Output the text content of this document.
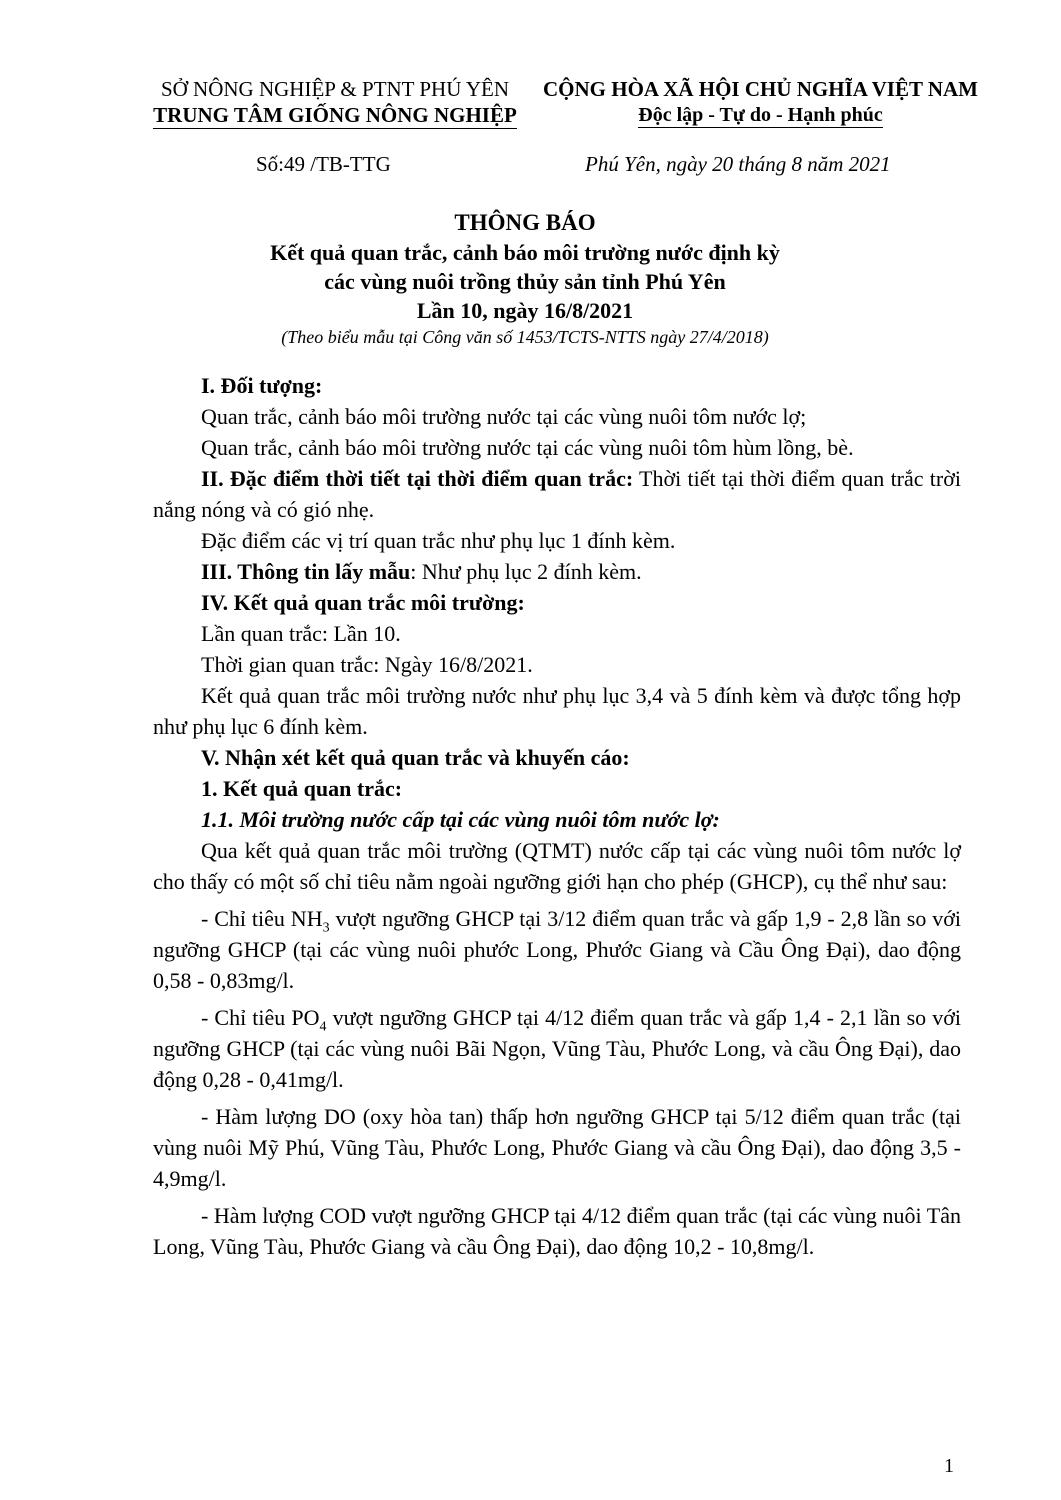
SỞ NÔNG NGHIỆP & PTNT PHÚ YÊN
TRUNG TÂM GIỐNG NÔNG NGHIỆP
CỘNG HÒA XÃ HỘI CHỦ NGHĨA VIỆT NAM
Độc lập - Tự do - Hạnh phúc
Số:49 /TB-TTG	Phú Yên, ngày 20 tháng 8 năm 2021
THÔNG BÁO
Kết quả quan trắc, cảnh báo môi trường nước định kỳ
các vùng nuôi trồng thủy sản tỉnh Phú Yên
Lần 10, ngày 16/8/2021
(Theo biểu mẫu tại Công văn số 1453/TCTS-NTTS ngày 27/4/2018)

I. Đối tượng:

Quan trắc, cảnh báo môi trường nước tại các vùng nuôi tôm nước lợ;

Quan trắc, cảnh báo môi trường nước tại các vùng nuôi tôm hùm lồng, bè.

II. Đặc điểm thời tiết tại thời điểm quan trắc: Thời tiết tại thời điểm quan trắc trời nắng nóng và có gió nhẹ.

Đặc điểm các vị trí quan trắc như phụ lục 1 đính kèm.

III. Thông tin lấy mẫu: Như phụ lục 2 đính kèm.

IV. Kết quả quan trắc môi trường:

Lần quan trắc: Lần 10.

Thời gian quan trắc: Ngày 16/8/2021.

Kết quả quan trắc môi trường nước như phụ lục 3,4 và 5 đính kèm và được tổng hợp như phụ lục 6 đính kèm.

V. Nhận xét kết quả quan trắc và khuyến cáo:

1. Kết quả quan trắc:

1.1. Môi trường nước cấp tại các vùng nuôi tôm nước lợ:

Qua kết quả quan trắc môi trường (QTMT) nước cấp tại các vùng nuôi tôm nước lợ cho thấy có một số chỉ tiêu nằm ngoài ngưỡng giới hạn cho phép (GHCP), cụ thể như sau:

- Chỉ tiêu $NH_3$ vượt ngưỡng GHCP tại 3/12 điểm quan trắc và gấp 1,9 - 2,8 lần so với ngưỡng GHCP (tại các vùng nuôi phước Long, Phước Giang và Cầu Ông Đại), dao động 0,58 - 0,83mg/l.

- Chỉ tiêu $PO_4$ vượt ngưỡng GHCP tại 4/12 điểm quan trắc và gấp 1,4 - 2,1 lần so với ngưỡng GHCP (tại các vùng nuôi Bãi Ngọn, Vũng Tàu, Phước Long, và cầu Ông Đại), dao động 0,28 - 0,41mg/l.

- Hàm lượng DO (oxy hòa tan) thấp hơn ngưỡng GHCP tại 5/12 điểm quan trắc (tại vùng nuôi Mỹ Phú, Vũng Tàu, Phước Long, Phước Giang và cầu Ông Đại), dao động 3,5 - 4,9mg/l.

- Hàm lượng COD vượt ngưỡng GHCP tại 4/12 điểm quan trắc (tại các vùng nuôi Tân Long, Vũng Tàu, Phước Giang và cầu Ông Đại), dao động 10,2 - 10,8mg/l.

1
